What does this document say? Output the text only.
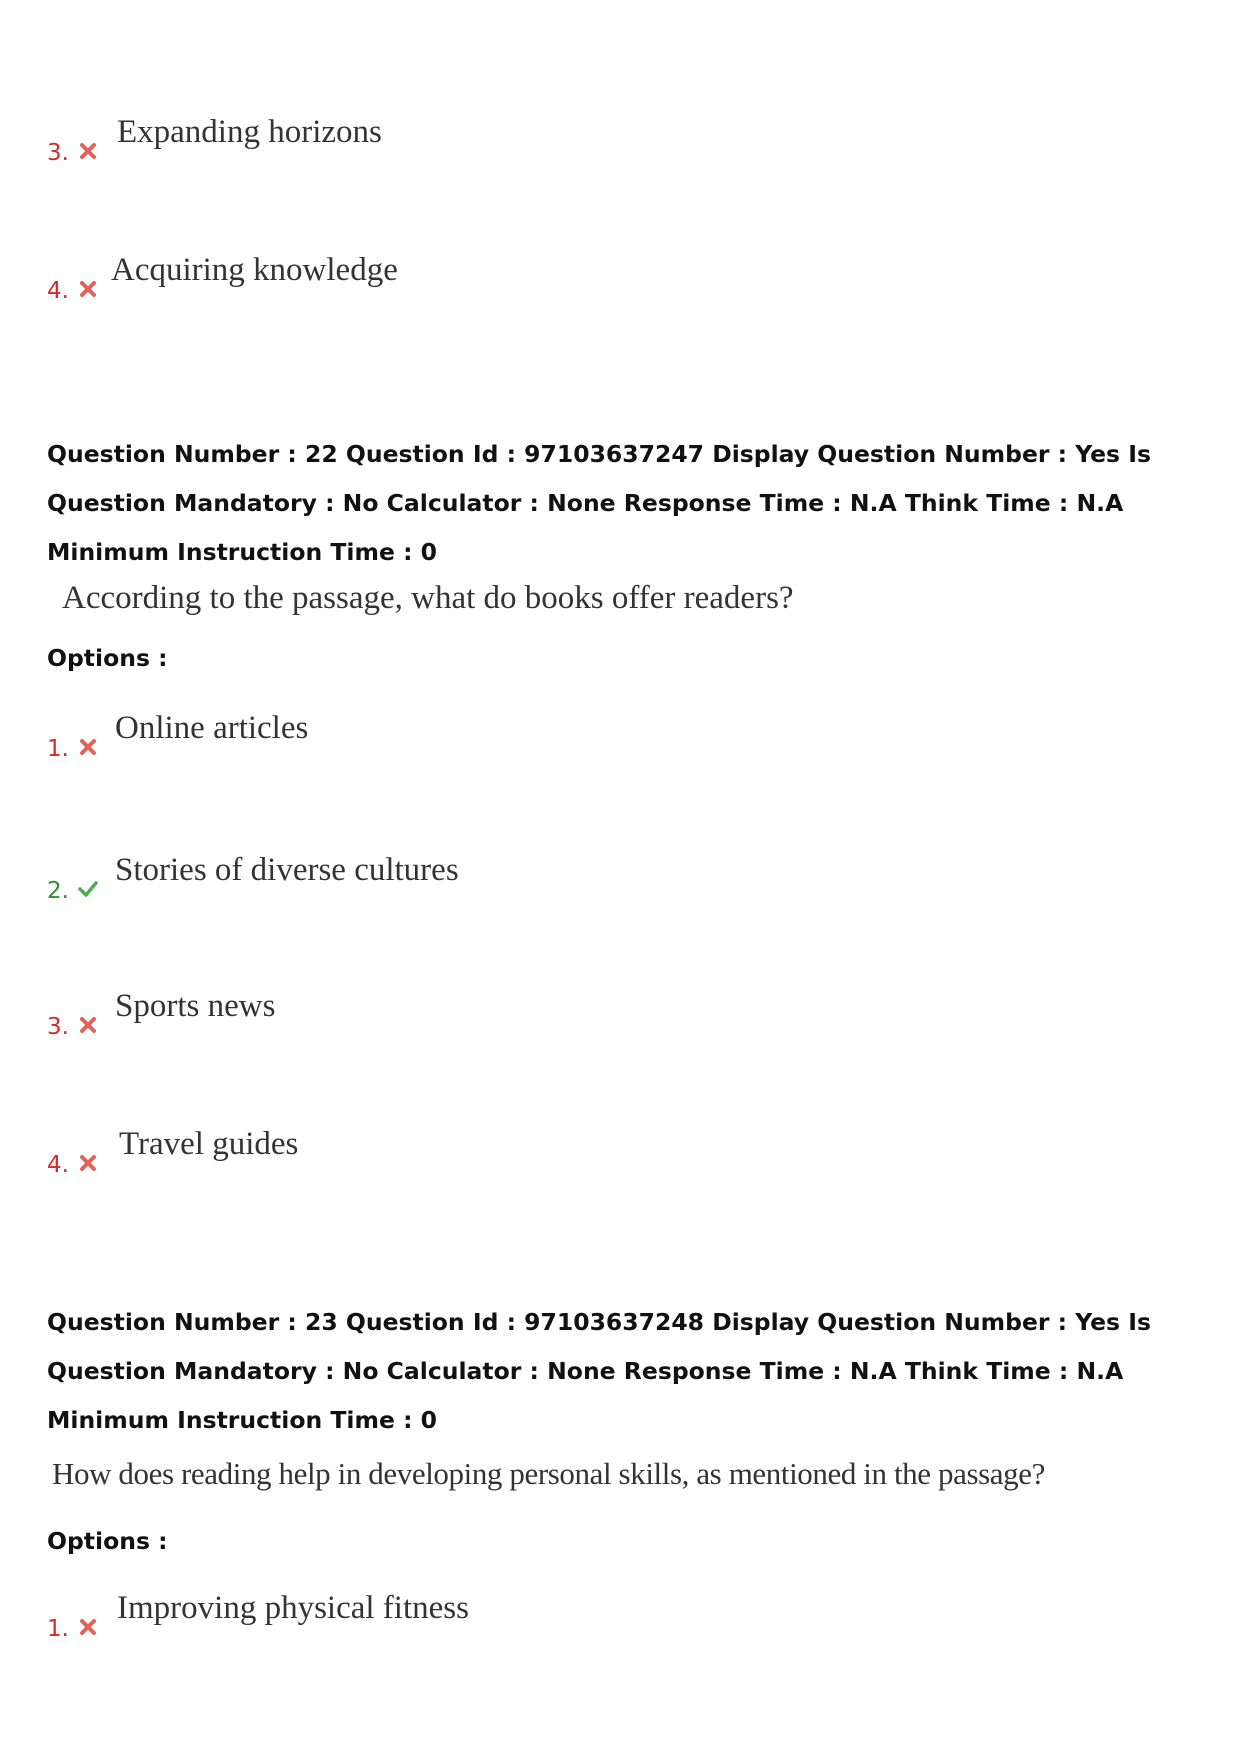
3.
Expanding horizons
4.
Acquiring knowledge
Question Number : 22 Question Id : 97103637247 Display Question Number : Yes Is Question Mandatory : No Calculator : None Response Time : N.A Think Time : N.A Minimum Instruction Time : 0
According to the passage, what do books offer readers?
Options :
1.
Online articles
2.
Stories of diverse cultures
3.
Sports news
4.
Travel guides
Question Number : 23 Question Id : 97103637248 Display Question Number : Yes Is Question Mandatory : No Calculator : None Response Time : N.A Think Time : N.A Minimum Instruction Time : 0
How does reading help in developing personal skills, as mentioned in the passage?
Options :
1.
Improving physical fitness
